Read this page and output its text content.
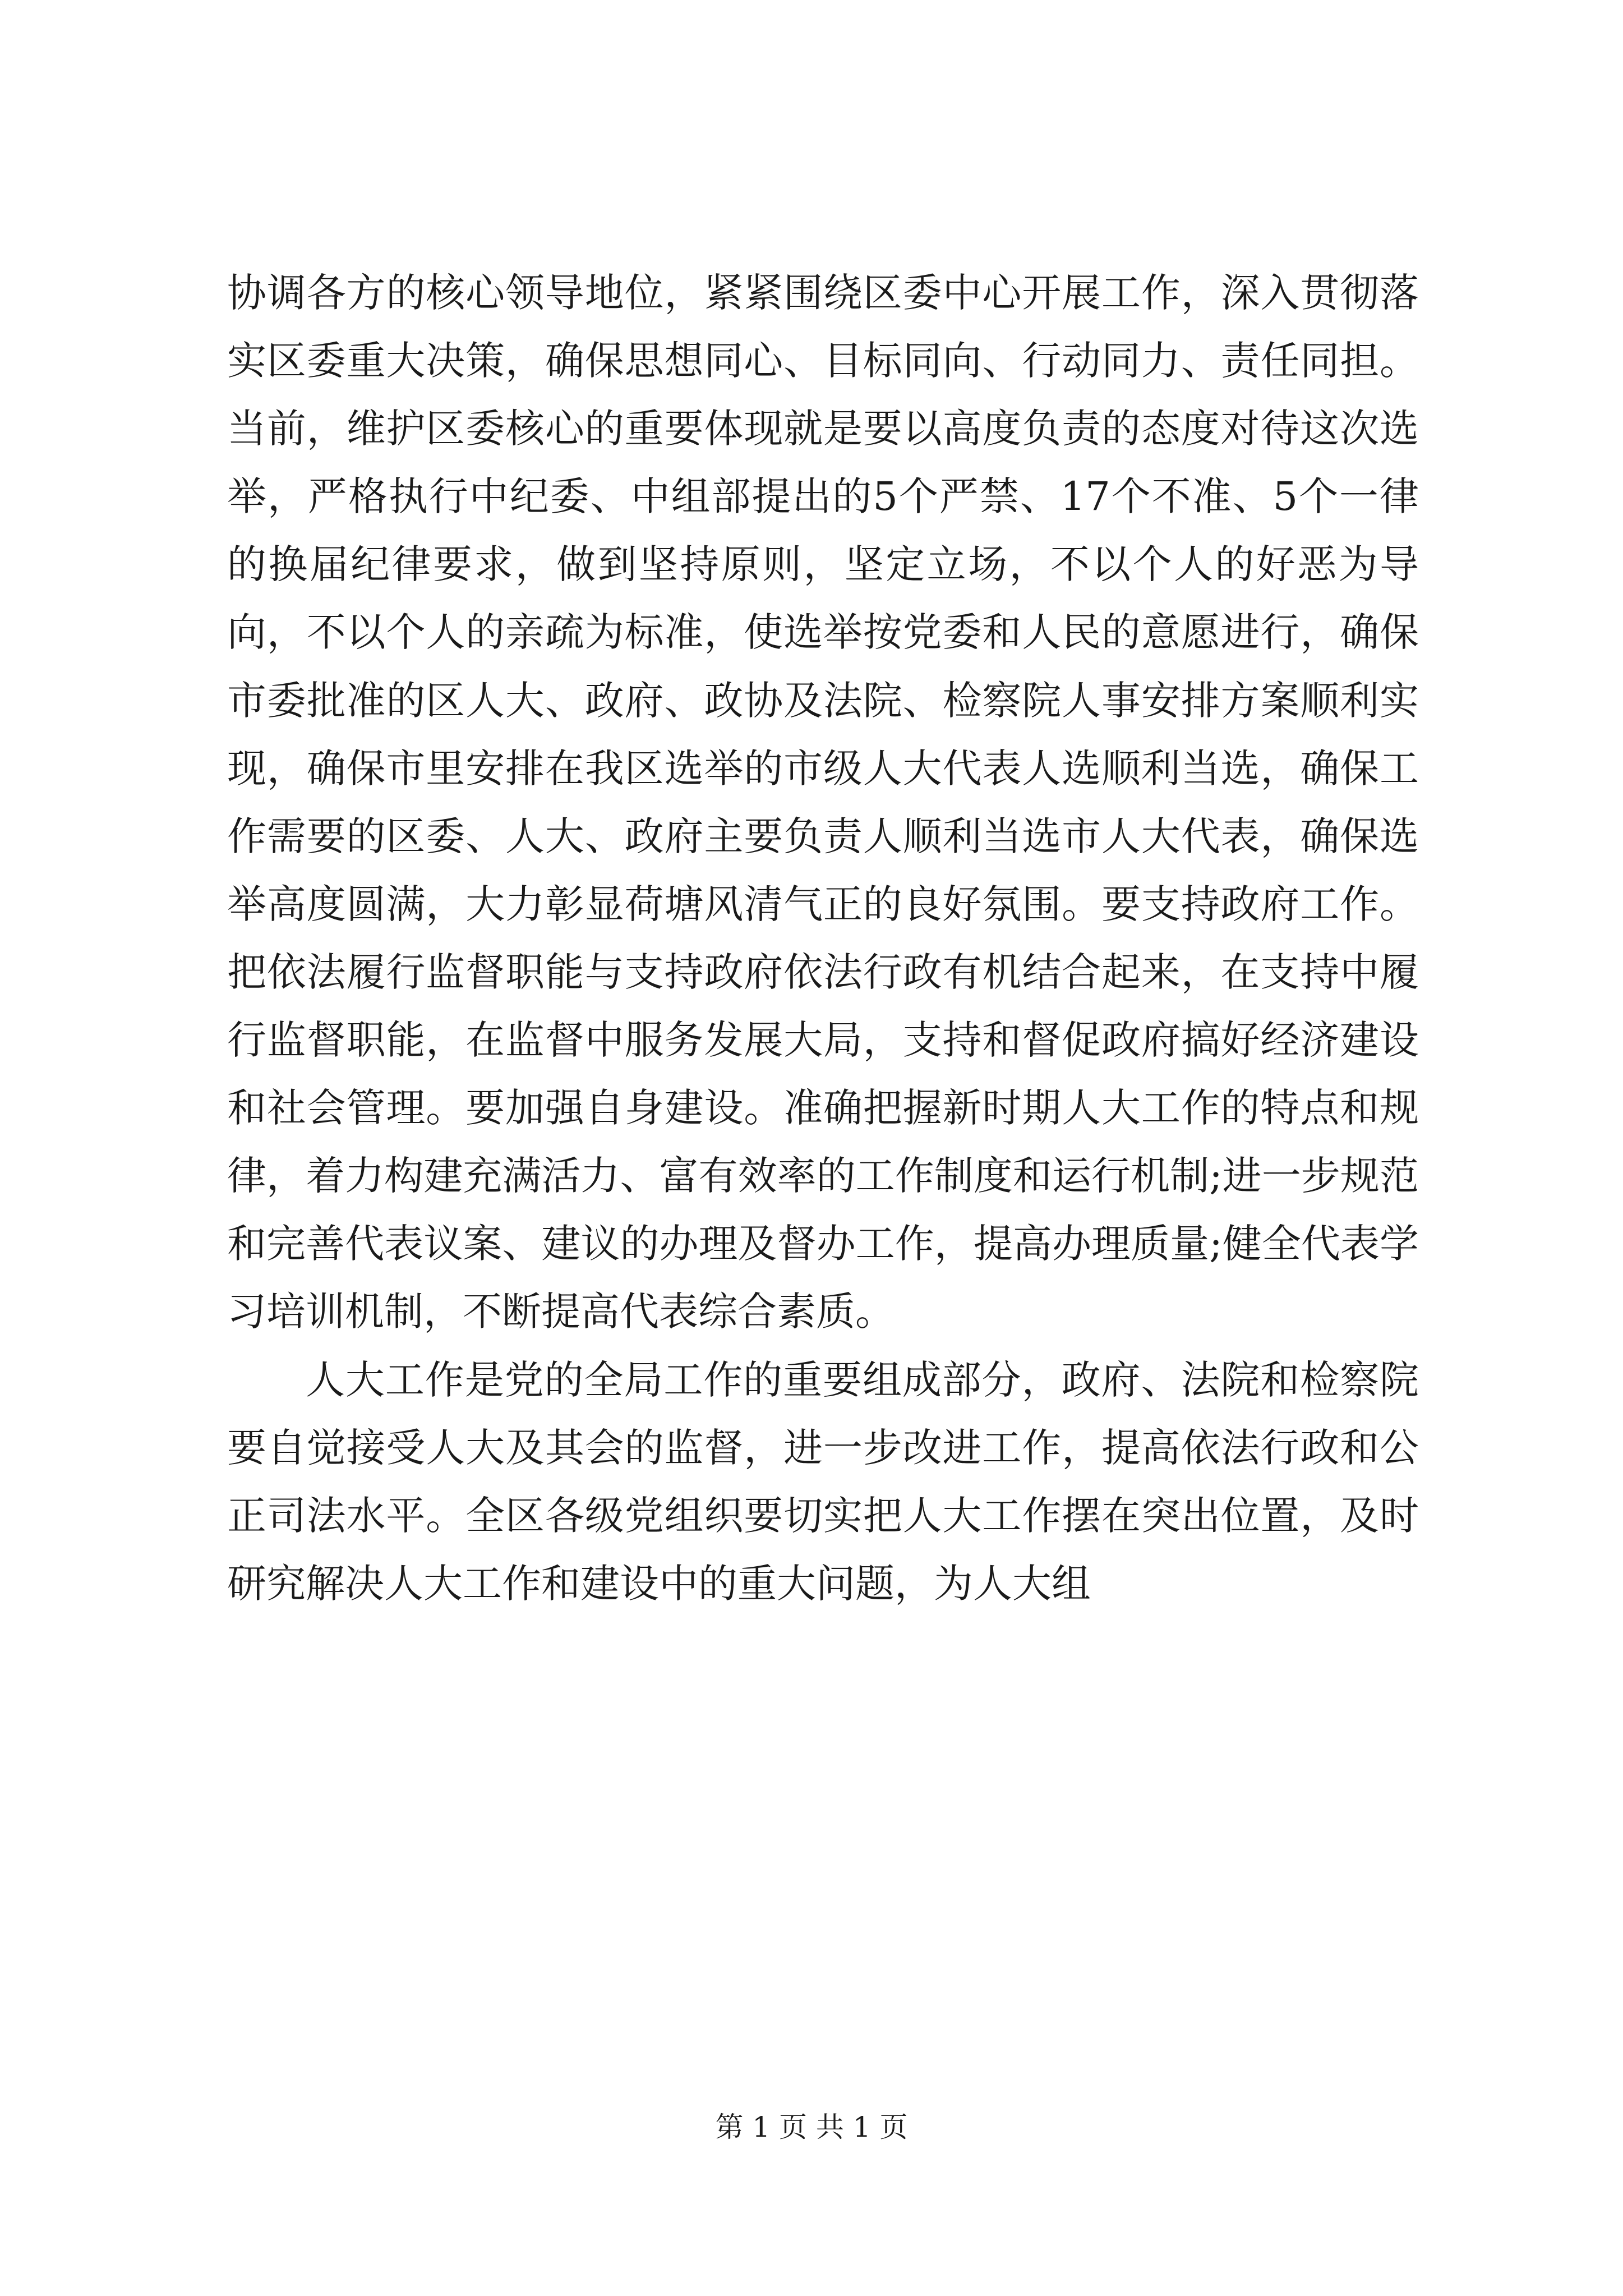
协调各方的核心领导地位，紧紧围绕区委中心开展工作，深入贯彻落实区委重大决策，确保思想同心、目标同向、行动同力、责任同担。当前，维护区委核心的重要体现就是要以高度负责的态度对待这次选举，严格执行中纪委、中组部提出的5个严禁、17个不准、5个一律的换届纪律要求，做到坚持原则，坚定立场，不以个人的好恶为导向，不以个人的亲疏为标准，使选举按党委和人民的意愿进行，确保市委批准的区人大、政府、政协及法院、检察院人事安排方案顺利实现，确保市里安排在我区选举的市级人大代表人选顺利当选，确保工作需要的区委、人大、政府主要负责人顺利当选市人大代表，确保选举高度圆满，大力彰显荷塘风清气正的良好氛围。要支持政府工作。把依法履行监督职能与支持政府依法行政有机结合起来，在支持中履行监督职能，在监督中服务发展大局，支持和督促政府搞好经济建设和社会管理。要加强自身建设。准确把握新时期人大工作的特点和规律，着力构建充满活力、富有效率的工作制度和运行机制;进一步规范和完善代表议案、建议的办理及督办工作，提高办理质量;健全代表学习培训机制，不断提高代表综合素质。

人大工作是党的全局工作的重要组成部分，政府、法院和检察院要自觉接受人大及其会的监督，进一步改进工作，提高依法行政和公正司法水平。全区各级党组织要切实把人大工作摆在突出位置，及时研究解决人大工作和建设中的重大问题，为人大组

第 1 页 共 1 页
